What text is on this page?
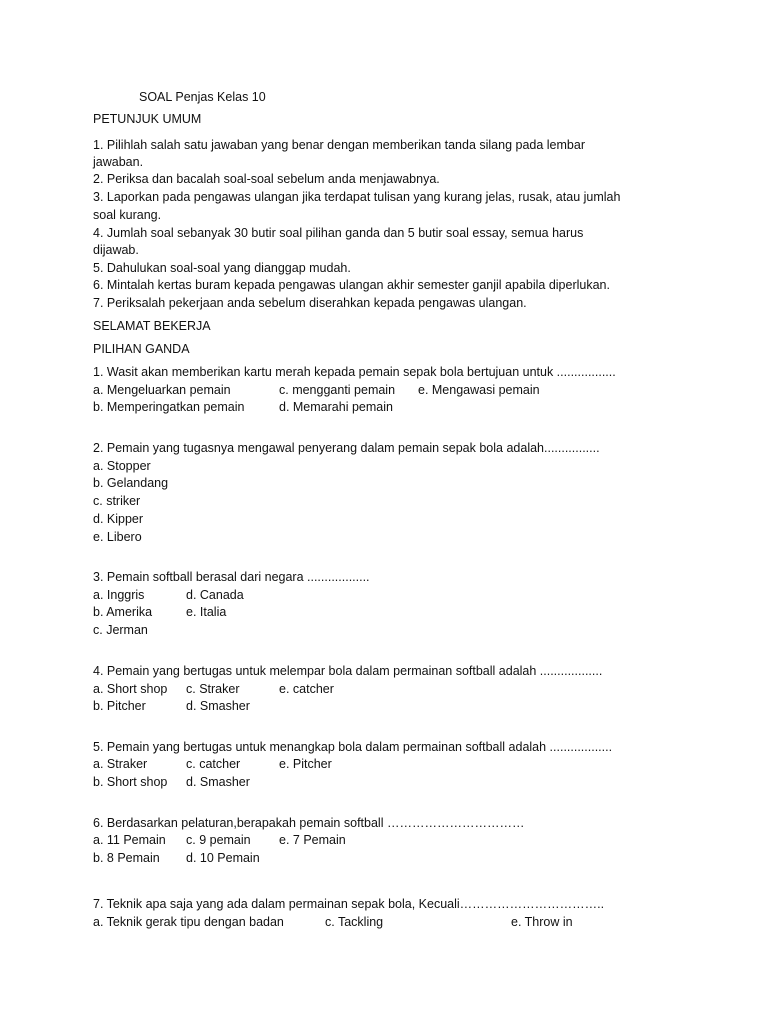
SOAL Penjas Kelas 10
PETUNJUK UMUM
1. Pilihlah salah satu jawaban yang benar dengan memberikan tanda silang pada lembar
jawaban.
2. Periksa dan bacalah soal-soal sebelum anda menjawabnya.
3. Laporkan pada pengawas ulangan jika terdapat tulisan yang kurang jelas, rusak, atau jumlah
soal kurang.
4. Jumlah soal sebanyak 30 butir soal pilihan ganda dan 5 butir soal essay, semua harus
dijawab.
5. Dahulukan soal-soal yang dianggap mudah.
6. Mintalah kertas buram kepada pengawas ulangan akhir semester ganjil apabila diperlukan.
7. Periksalah pekerjaan anda sebelum diserahkan kepada pengawas ulangan.
SELAMAT BEKERJA
PILIHAN GANDA
1. Wasit akan memberikan kartu merah kepada pemain sepak bola bertujuan untuk .................
a. Mengeluarkan pemain	c. mengganti pemain e. Mengawasi pemain
b. Memperingatkan pemain	d. Memarahi pemain
2. Pemain yang tugasnya mengawal penyerang dalam pemain sepak bola adalah................
a. Stopper
b. Gelandang
c. striker
d. Kipper
e. Libero
3. Pemain softball berasal dari negara ..................
a. Inggris	d. Canada
b. Amerika	e. Italia
c. Jerman
4. Pemain yang bertugas untuk melempar bola dalam permainan softball adalah ..................
a. Short shop c. Straker	e. catcher
b. Pitcher	d. Smasher
5. Pemain yang bertugas untuk menangkap bola dalam permainan softball adalah ..................
a. Straker	c. catcher	e. Pitcher
b. Short shop d. Smasher
6. Berdasarkan pelaturan,berapakah pemain softball ……………………………
a. 11 Pemain c. 9 pemain e. 7 Pemain
b. 8 Pemain d. 10 Pemain
7. Teknik apa saja yang ada dalam permainan sepak bola, Kecuali……………………………..
a. Teknik gerak tipu dengan badan	c. Tackling	e. Throw in
